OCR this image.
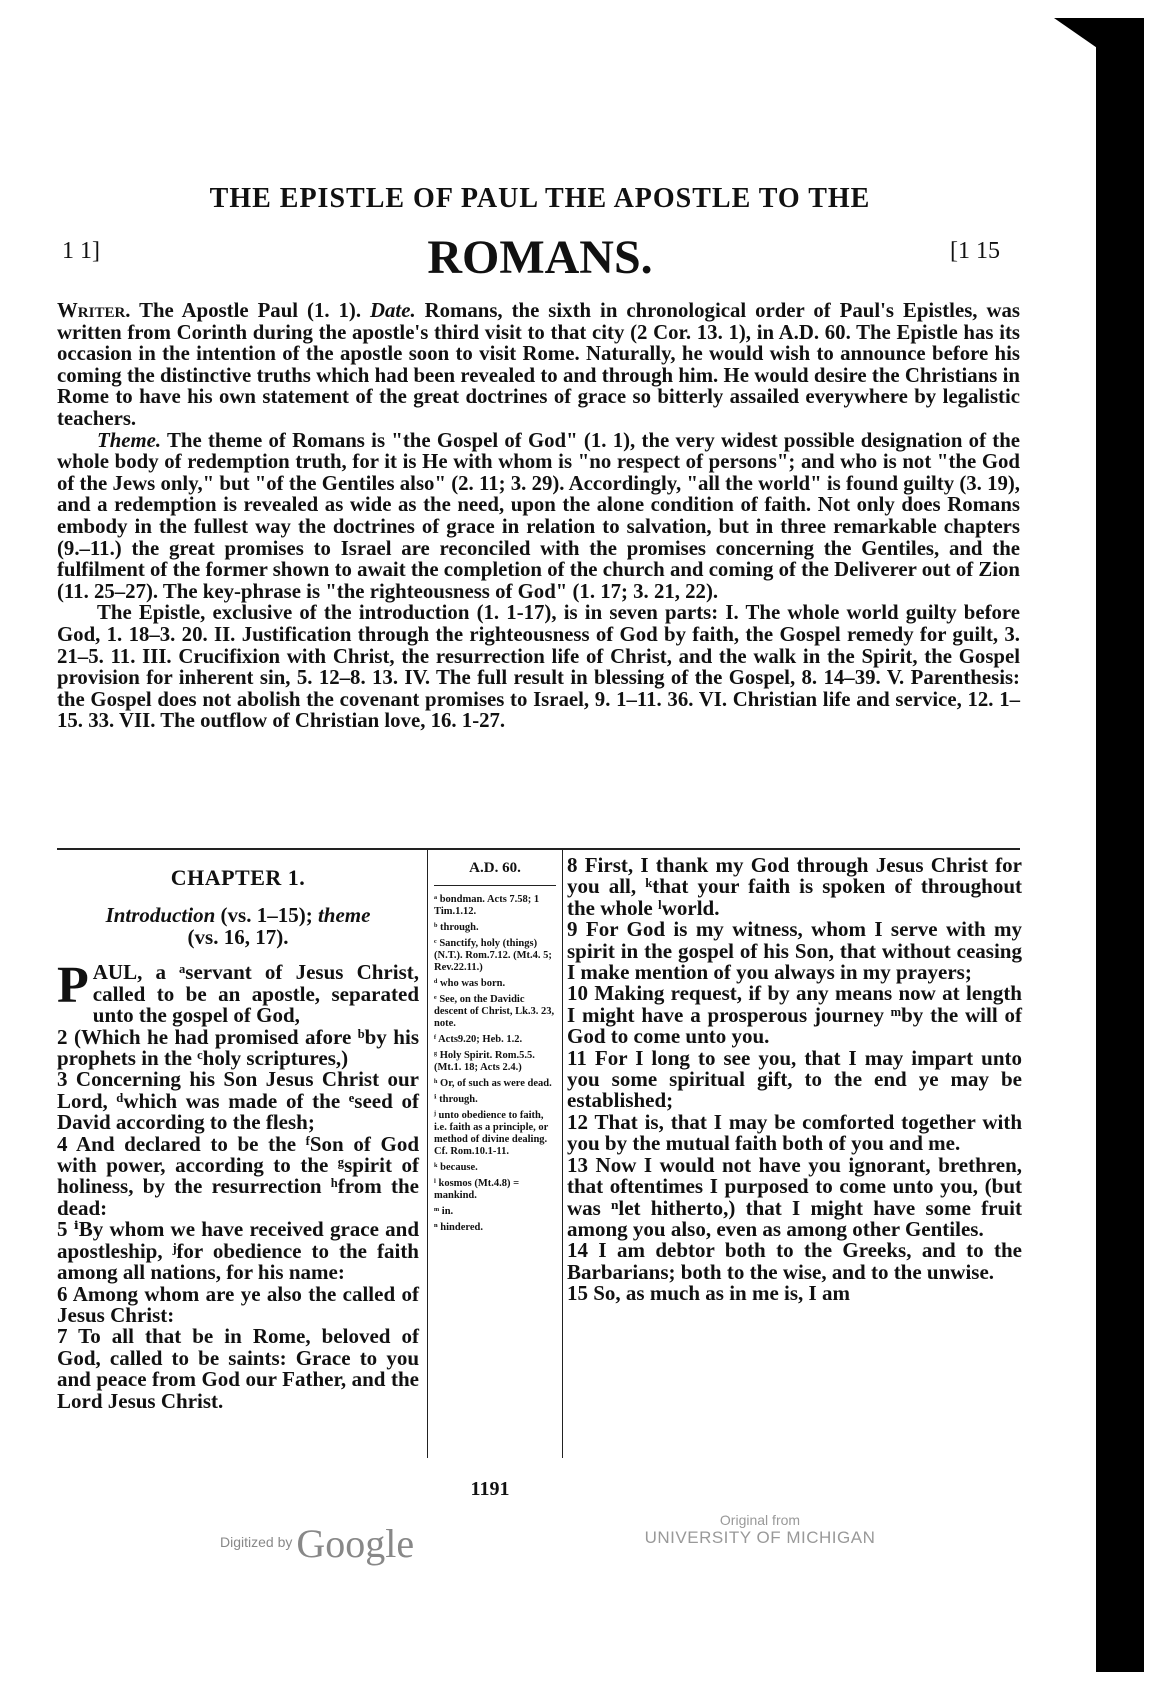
THE EPISTLE OF PAUL THE APOSTLE TO THE
1 1]	ROMANS.	[1 15

Writer. The Apostle Paul (1. 1). Date. Romans, the sixth in chronological order of Paul's Epistles, was written from Corinth during the apostle's third visit to that city (2 Cor. 13. 1), in A.D. 60. The Epistle has its occasion in the intention of the apostle soon to visit Rome. Naturally, he would wish to announce before his coming the distinctive truths which had been revealed to and through him. He would desire the Christians in Rome to have his own statement of the great doctrines of grace so bitterly assailed everywhere by legalistic teachers.

Theme. The theme of Romans is "the Gospel of God" (1. 1), the very widest possible designation of the whole body of redemption truth, for it is He with whom is "no respect of persons"; and who is not "the God of the Jews only," but "of the Gentiles also" (2. 11; 3. 29). Accordingly, "all the world" is found guilty (3. 19), and a redemption is revealed as wide as the need, upon the alone condition of faith. Not only does Romans embody in the fullest way the doctrines of grace in relation to salvation, but in three remarkable chapters (9.–11.) the great promises to Israel are reconciled with the promises concerning the Gentiles, and the fulfilment of the former shown to await the completion of the church and coming of the Deliverer out of Zion (11. 25–27). The key-phrase is "the righteousness of God" (1. 17; 3. 21, 22).

The Epistle, exclusive of the introduction (1. 1-17), is in seven parts: I. The whole world guilty before God, 1. 18–3. 20. II. Justification through the righteousness of God by faith, the Gospel remedy for guilt, 3. 21–5. 11. III. Crucifixion with Christ, the resurrection life of Christ, and the walk in the Spirit, the Gospel provision for inherent sin, 5. 12–8. 13. IV. The full result in blessing of the Gospel, 8. 14–39. V. Parenthesis: the Gospel does not abolish the covenant promises to Israel, 9. 1–11. 36. VI. Christian life and service, 12. 1–15. 33. VII. The outflow of Christian love, 16. 1-27.

CHAPTER 1.
Introduction (vs. 1–15); theme
(vs. 16, 17).

PAUL, a ᵃservant of Jesus Christ, called to be an apostle, separated unto the gospel of God,

2 (Which he had promised afore ᵇby his prophets in the ᶜholy scriptures,)

3 Concerning his Son Jesus Christ our Lord, ᵈwhich was made of the ᵉseed of David according to the flesh;

4 And declared to be the ᶠSon of God with power, according to the ᵍspirit of holiness, by the resurrection ʰfrom the dead:

5 ⁱBy whom we have received grace and apostleship, ʲfor obedience to the faith among all nations, for his name:

6 Among whom are ye also the called of Jesus Christ:

7 To all that be in Rome, beloved of God, called to be saints: Grace to you and peace from God our Father, and the Lord Jesus Christ.

A.D. 60.
ᵃ bondman. Acts 7.58; 1 Tim.1.12.
ᵇ through.
ᶜ Sanctify, holy (things) (N.T.). Rom.7.12. (Mt.4. 5; Rev.22.11.)
ᵈ who was born.
ᵉ See, on the Davidic descent of Christ, Lk.3. 23, note.
ᶠ Acts9.20; Heb. 1.2.
ᵍ Holy Spirit. Rom.5.5. (Mt.1. 18; Acts 2.4.)
ʰ Or, of such as were dead.
ⁱ through.
ʲ unto obedience to faith, i.e. faith as a principle, or method of divine dealing. Cf. Rom.10.1-11.
ᵏ because.
ˡ kosmos (Mt.4.8) = mankind.
ᵐ in.
ⁿ hindered.

8 First, I thank my God through Jesus Christ for you all, ᵏthat your faith is spoken of throughout the whole ˡworld.

9 For God is my witness, whom I serve with my spirit in the gospel of his Son, that without ceasing I make mention of you always in my prayers;

10 Making request, if by any means now at length I might have a prosperous journey ᵐby the will of God to come unto you.

11 For I long to see you, that I may impart unto you some spiritual gift, to the end ye may be established;

12 That is, that I may be comforted together with you by the mutual faith both of you and me.

13 Now I would not have you ignorant, brethren, that oftentimes I purposed to come unto you, (but was ⁿlet hitherto,) that I might have some fruit among you also, even as among other Gentiles.

14 I am debtor both to the Greeks, and to the Barbarians; both to the wise, and to the unwise.

15 So, as much as in me is, I am

1191
Digitized by Google
Original from
UNIVERSITY OF MICHIGAN
